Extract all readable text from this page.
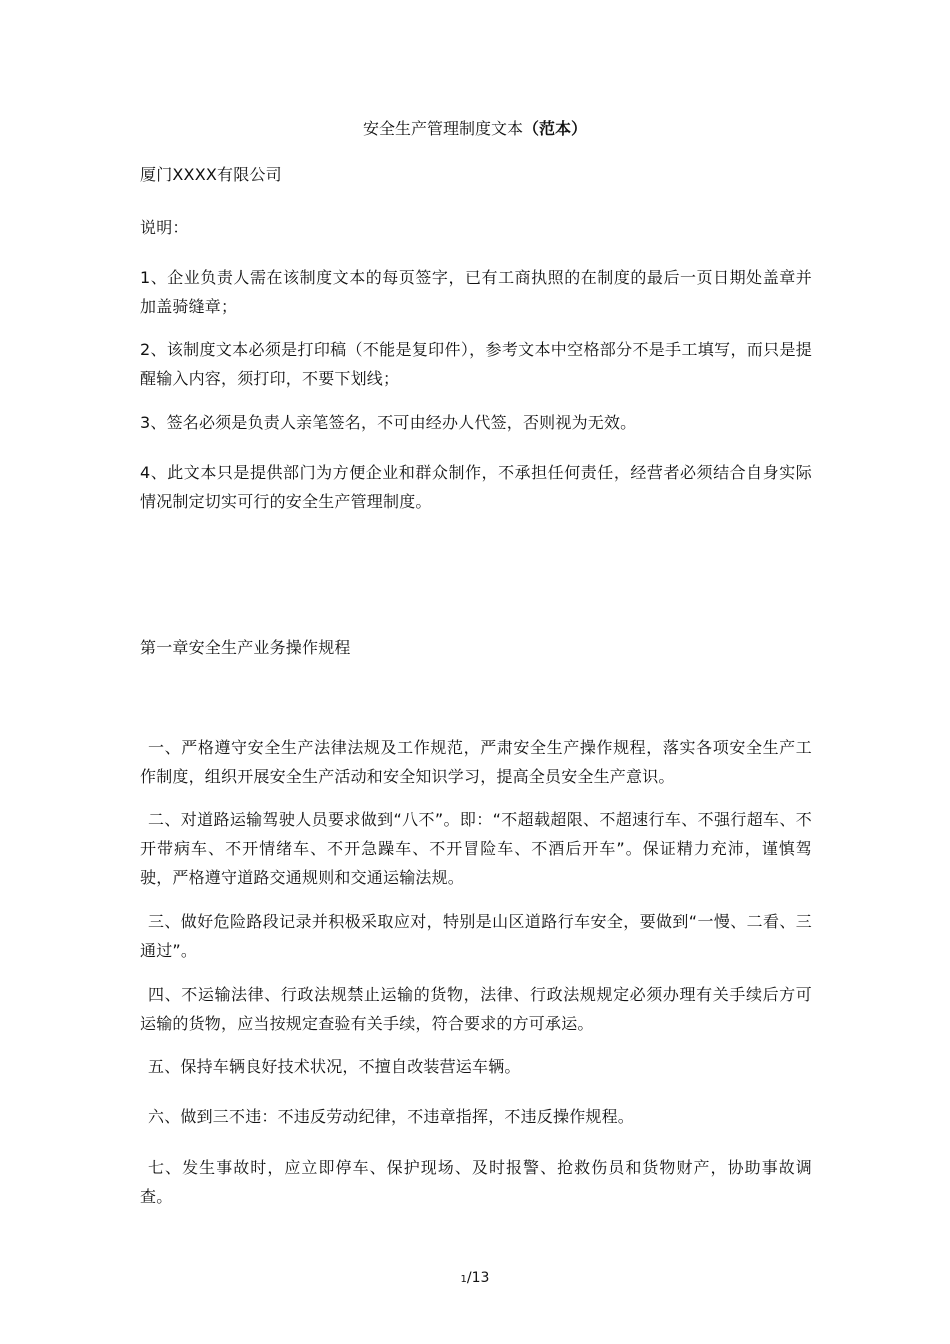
安全生产管理制度文本（范本）

厦门XXXX有限公司

说明：

1、企业负责人需在该制度文本的每页签字，已有工商执照的在制度的最后一页日期处盖章并加盖骑缝章；

2、该制度文本必须是打印稿（不能是复印件），参考文本中空格部分不是手工填写，而只是提醒输入内容，须打印，不要下划线；

3、签名必须是负责人亲笔签名，不可由经办人代签，否则视为无效。

4、此文本只是提供部门为方便企业和群众制作，不承担任何责任，经营者必须结合自身实际情况制定切实可行的安全生产管理制度。

第一章安全生产业务操作规程

一、严格遵守安全生产法律法规及工作规范，严肃安全生产操作规程，落实各项安全生产工作制度，组织开展安全生产活动和安全知识学习，提高全员安全生产意识。

二、对道路运输驾驶人员要求做到“八不”。即：“不超载超限、不超速行车、不强行超车、不开带病车、不开情绪车、不开急躁车、不开冒险车、不酒后开车”。保证精力充沛，谨慎驾驶，严格遵守道路交通规则和交通运输法规。

三、做好危险路段记录并积极采取应对，特别是山区道路行车安全，要做到“一慢、二看、三通过”。

四、不运输法律、行政法规禁止运输的货物，法律、行政法规规定必须办理有关手续后方可运输的货物，应当按规定查验有关手续，符合要求的方可承运。

五、保持车辆良好技术状况，不擅自改装营运车辆。

六、做到三不违：不违反劳动纪律，不违章指挥，不违反操作规程。

七、发生事故时，应立即停车、保护现场、及时报警、抢救伤员和货物财产，协助事故调查。

1/13
